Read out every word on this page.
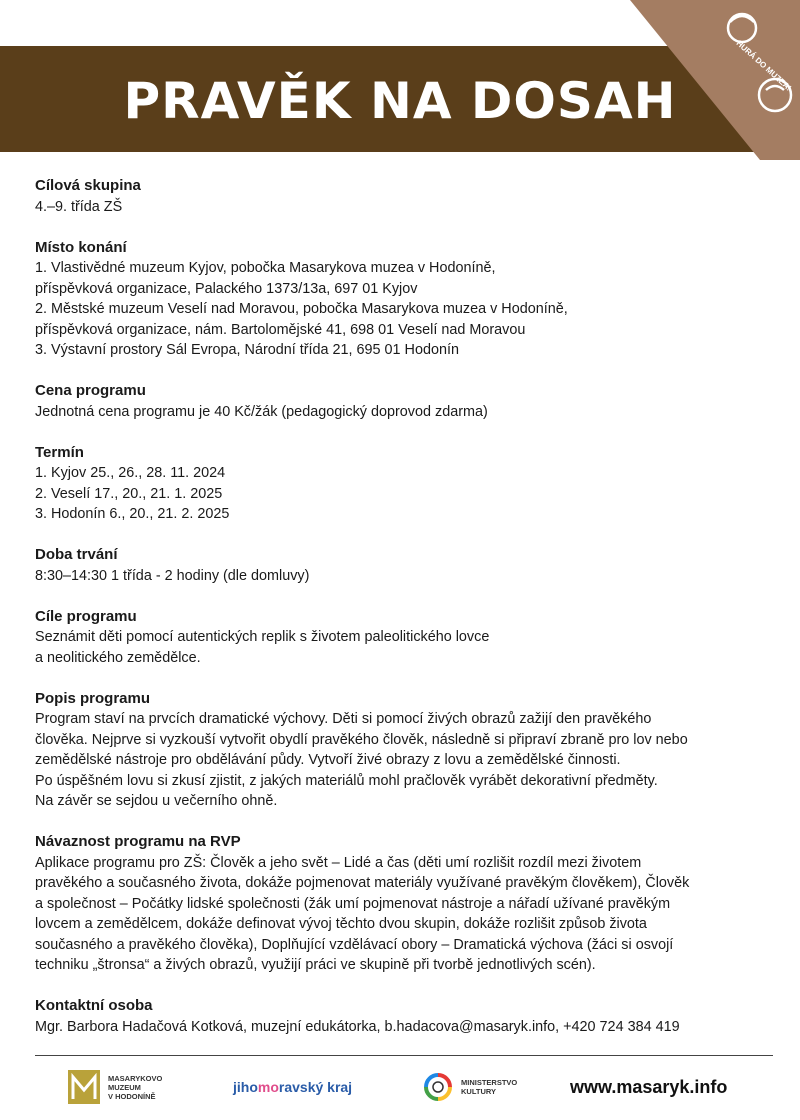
PRAVĚK NA DOSAH
HURÁ DO MUZEA!
Cílová skupina

4.–9. třída ZŠ

Místo konání

1. Vlastivědné muzeum Kyjov, pobočka Masarykova muzea v Hodoníně,

příspěvková organizace, Palackého 1373/13a, 697 01 Kyjov

2. Městské muzeum Veselí nad Moravou, pobočka Masarykova muzea v Hodoníně,

příspěvková organizace, nám. Bartolomějské 41, 698 01 Veselí nad Moravou

3. Výstavní prostory Sál Evropa, Národní třída 21, 695 01 Hodonín

Cena programu

Jednotná cena programu je 40 Kč/žák (pedagogický doprovod zdarma)

Termín

1. Kyjov 25., 26., 28. 11. 2024

2. Veselí 17., 20., 21. 1. 2025

3. Hodonín 6., 20., 21. 2. 2025

Doba trvání

8:30–14:30 1 třída - 2 hodiny (dle domluvy)

Cíle programu

Seznámit děti pomocí autentických replik s životem paleolitického lovce

a neolitického zemědělce.

Popis programu

Program staví na prvcích dramatické výchovy. Děti si pomocí živých obrazů zažijí den pravěkého

člověka. Nejprve si vyzkouší vytvořit obydlí pravěkého člověk, následně si připraví zbraně pro lov nebo

zemědělské nástroje pro obdělávání půdy. Vytvoří živé obrazy z lovu a zemědělské činnosti.

Po úspěšném lovu si zkusí zjistit, z jakých materiálů mohl pračlověk vyrábět dekorativní předměty.

Na závěr se sejdou u večerního ohně.

Návaznost programu na RVP

Aplikace programu pro ZŠ: Člověk a jeho svět – Lidé a čas (děti umí rozlišit rozdíl mezi životem

pravěkého a současného života, dokáže pojmenovat materiály využívané pravěkým člověkem), Člověk

a společnost – Počátky lidské společnosti (žák umí pojmenovat nástroje a nářadí užívané pravěkým

lovcem a zemědělcem, dokáže definovat vývoj těchto dvou skupin, dokáže rozlišit způsob života

současného a pravěkého člověka), Doplňující vzdělávací obory – Dramatická výchova (žáci si osvojí

techniku „štronsa“ a živých obrazů, využijí práci ve skupině při tvorbě jednotlivých scén).

Kontaktní osoba

Mgr. Barbora Hadačová Kotková, muzejní edukátorka, b.hadacova@masaryk.info, +420 724 384 419

MASARYKOVO
MUZEUM
V HODONÍNĚ
jihomoravský kraj	MINISTERSTVO
KULTURY	www.masaryk.info
